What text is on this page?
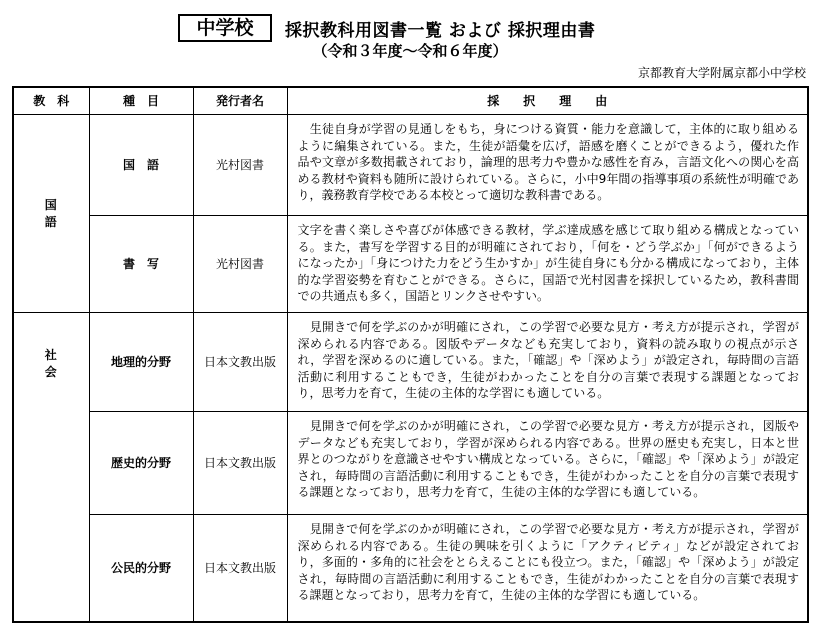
中学校	採択教科用図書一覧 および 採択理由書
（令和３年度～令和６年度）
京都教育大学附属京都小中学校
教　科	種　目	発行者名	採　　択　　理　　由
国　語	国　語	光村図書	　生徒自身が学習の見通しをもち，身につける資質・能力を意識して，主体的に取り組めるように編集されている。また，生徒が語彙を広げ，語感を磨くことができるよう，優れた作品や文章が多数掲載されており，論理的思考力や豊かな感性を育み，言語文化への関心を高める教材や資料も随所に設けられている。さらに，小中9年間の指導事項の系統性が明確であり，義務教育学校である本校とって適切な教科書である。
	書　写	光村図書	文字を書く楽しさや喜びが体感できる教材，学ぶ達成感を感じて取り組める構成となっている。また，書写を学習する目的が明確にされており，「何を・どう学ぶか」「何ができるようになったか」「身につけた力をどう生かすか」が生徒自身にも分かる構成になっており，主体的な学習姿勢を育むことができる。さらに，国語で光村図書を採択しているため，教科書間での共通点も多く，国語とリンクさせやすい。
社　会	地理的分野	日本文教出版	　見開きで何を学ぶのかが明確にされ，この学習で必要な見方・考え方が提示され，学習が深められる内容である。図版やデータなども充実しており，資料の読み取りの視点が示され，学習を深めるのに適している。また，「確認」や「深めよう」が設定され，毎時間の言語活動に利用することもでき，生徒がわかったことを自分の言葉で表現する課題となっており，思考力を育て，生徒の主体的な学習にも適している。
	歴史的分野	日本文教出版	　見開きで何を学ぶのかが明確にされ，この学習で必要な見方・考え方が提示され，図版やデータなども充実しており，学習が深められる内容である。世界の歴史も充実し，日本と世界とのつながりを意識させやすい構成となっている。さらに，「確認」や「深めよう」が設定され，毎時間の言語活動に利用することもでき，生徒がわかったことを自分の言葉で表現する課題となっており，思考力を育て，生徒の主体的な学習にも適している。
	公民的分野	日本文教出版	　見開きで何を学ぶのかが明確にされ，この学習で必要な見方・考え方が提示され，学習が深められる内容である。生徒の興味を引くように「アクティビティ」などが設定されており，多面的・多角的に社会をとらえることにも役立つ。また，「確認」や「深めよう」が設定され，毎時間の言語活動に利用することもでき，生徒がわかったことを自分の言葉で表現する課題となっており，思考力を育て，生徒の主体的な学習にも適している。
